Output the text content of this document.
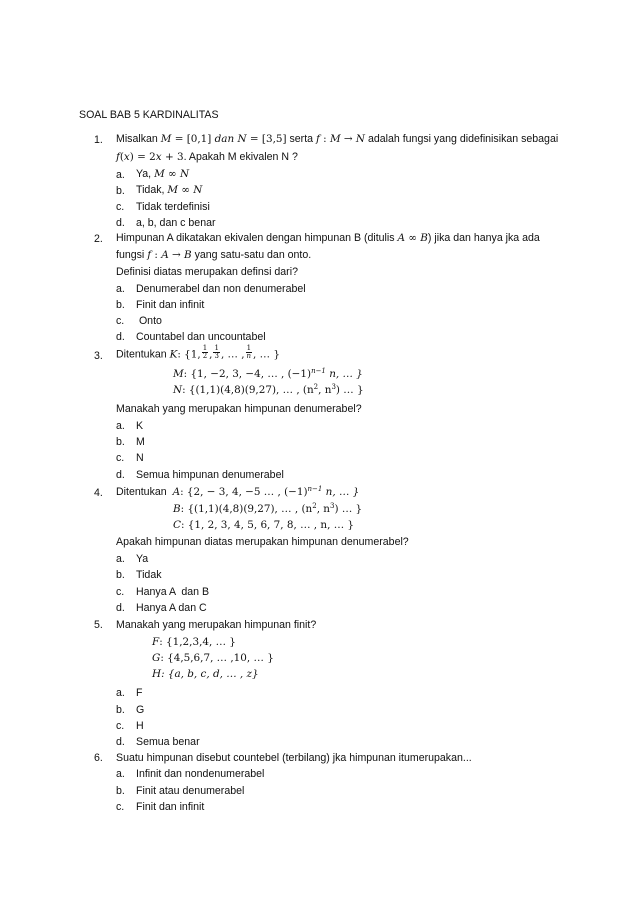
SOAL BAB 5 KARDINALITAS
1. Misalkan M = [0,1] dan N = [3,5] serta f : M → N adalah fungsi yang didefinisikan sebagai
f(x) = 2x + 3. Apakah M ekivalen N ?
a. Ya, M ∞ N
b. Tidak, M ∞ N
c. Tidak terdefinisi
d. a, b, dan c benar
2. Himpunan A dikatakan ekivalen dengan himpunan B (ditulis A ∞ B) jika dan hanya jka ada
fungsi f : A → B yang satu-satu dan onto.
Definisi diatas merupakan definsi dari?
a. Denumerabel dan non denumerabel
b. Finit dan infinit
c. Onto
d. Countabel dan uncountabel
3. Ditentukan K: {1, $\frac{1}{2}$ , $\frac{1}{3}$ , … , $\frac{1}{n}$ , … }
M: {1, −2, 3, −4, … , $(-1)^{n-1}$ n, … }
N: {(1,1)(4,8)(9,27), … , ($n^2$, $n^3$) … }
Manakah yang merupakan himpunan denumerabel?
a. K
b. M
c. N
d. Semua himpunan denumerabel
4. Ditentukan A: {2, − 3, 4, −5 … , $(-1)^{n-1}$ n, … }
B: {(1,1)(4,8)(9,27), … , ($n^2$, $n^3$) … }
C: {1, 2, 3, 4, 5, 6, 7, 8, … , n, … }
Apakah himpunan diatas merupakan himpunan denumerabel?
a. Ya
b. Tidak
c. Hanya A  dan B
d. Hanya A dan C
5. Manakah yang merupakan himpunan finit?
F: {1,2,3,4, … }
G: {4,5,6,7, … ,10, … }
H: {a, b, c, d, … , z}
a. F
b. G
c. H
d. Semua benar
6. Suatu himpunan disebut countebel (terbilang) jka himpunan itumerupakan...
a. Infinit dan nondenumerabel
b. Finit atau denumerabel
c. Finit dan infinit
